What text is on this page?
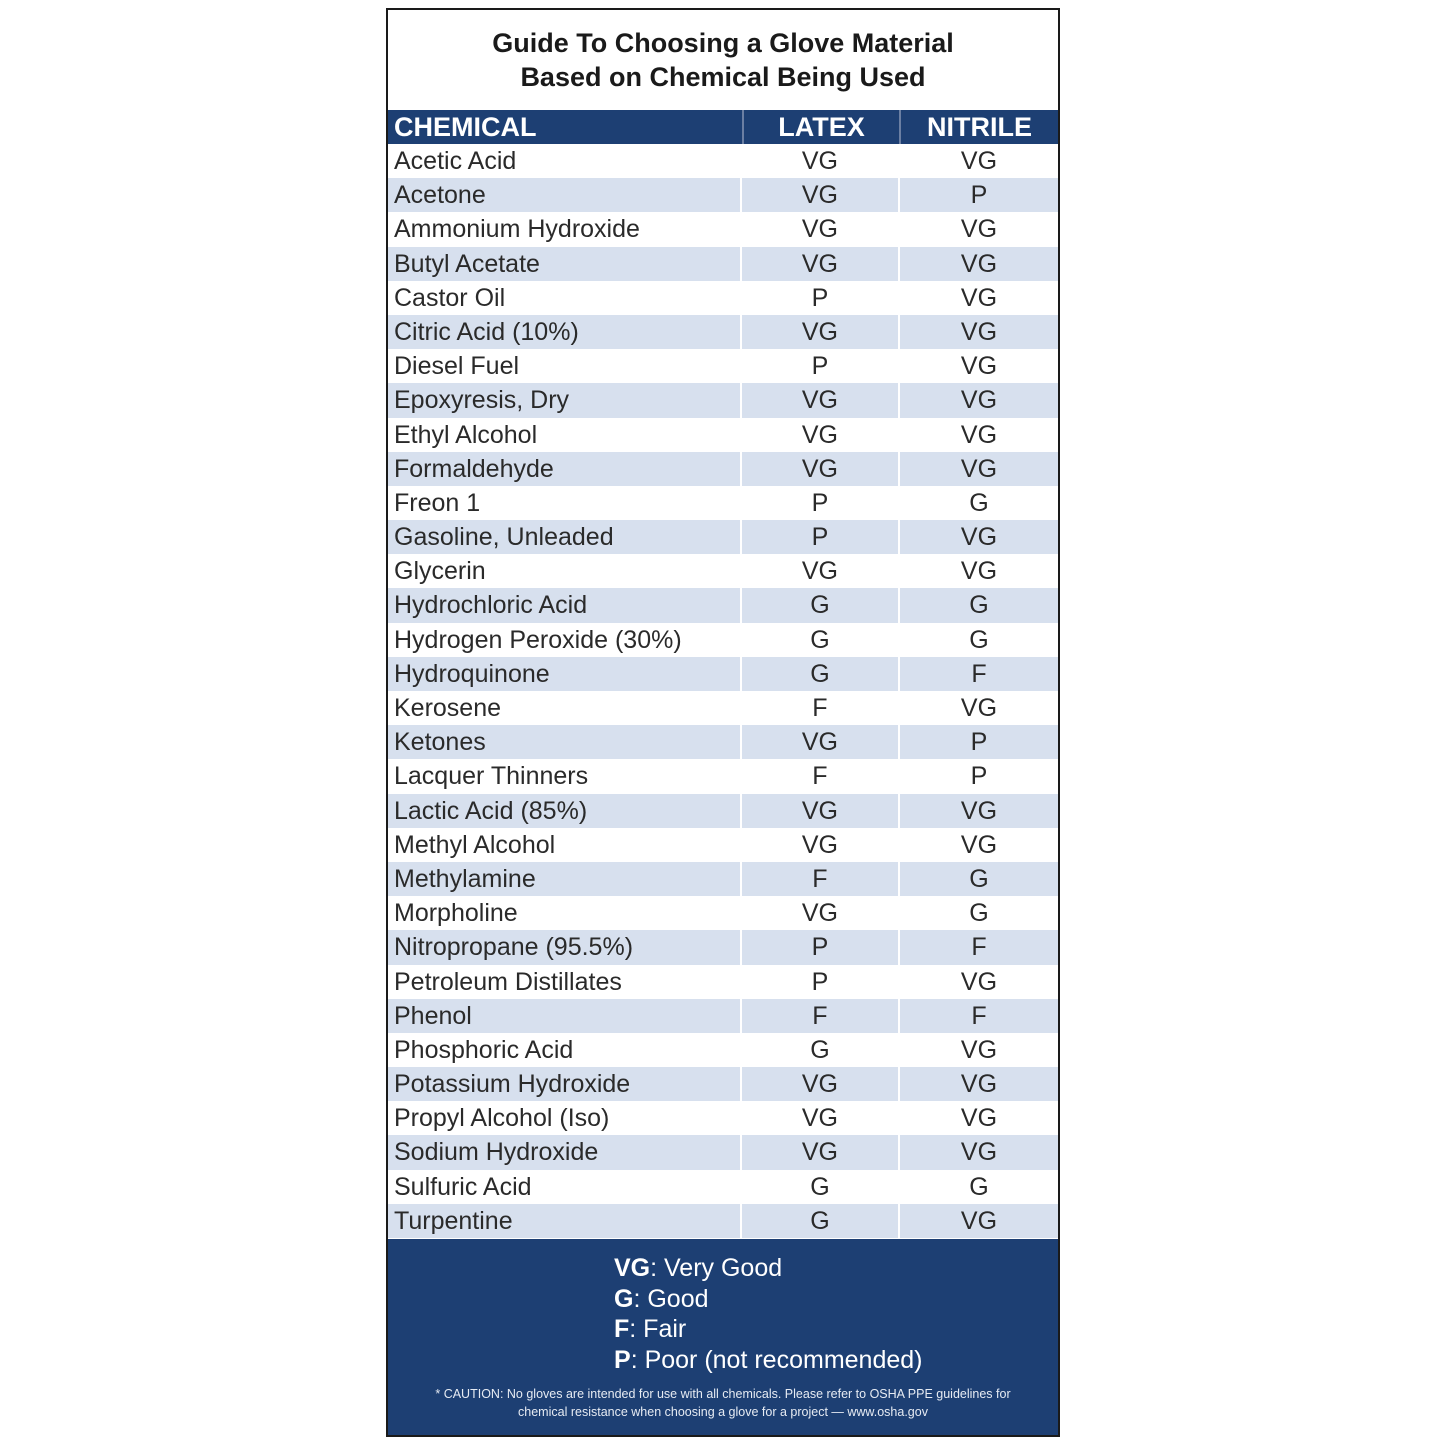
Guide To Choosing a Glove Material
Based on Chemical Being Used
CHEMICAL	LATEX	NITRILE
Acetic Acid	VG	VG
Acetone	VG	P
Ammonium Hydroxide	VG	VG
Butyl Acetate	VG	VG
Castor Oil	P	VG
Citric Acid (10%)	VG	VG
Diesel Fuel	P	VG
Epoxyresis, Dry	VG	VG
Ethyl Alcohol	VG	VG
Formaldehyde	VG	VG
Freon 1	P	G
Gasoline, Unleaded	P	VG
Glycerin	VG	VG
Hydrochloric Acid	G	G
Hydrogen Peroxide (30%)	G	G
Hydroquinone	G	F
Kerosene	F	VG
Ketones	VG	P
Lacquer Thinners	F	P
Lactic Acid (85%)	VG	VG
Methyl Alcohol	VG	VG
Methylamine	F	G
Morpholine	VG	G
Nitropropane (95.5%)	P	F
Petroleum Distillates	P	VG
Phenol	F	F
Phosphoric Acid	G	VG
Potassium Hydroxide	VG	VG
Propyl Alcohol (Iso)	VG	VG
Sodium Hydroxide	VG	VG
Sulfuric Acid	G	G
Turpentine	G	VG
VG: Very Good
G: Good
F: Fair
P: Poor (not recommended)
* CAUTION: No gloves are intended for use with all chemicals. Please refer to OSHA PPE guidelines for chemical resistance when choosing a glove for a project — www.osha.gov
